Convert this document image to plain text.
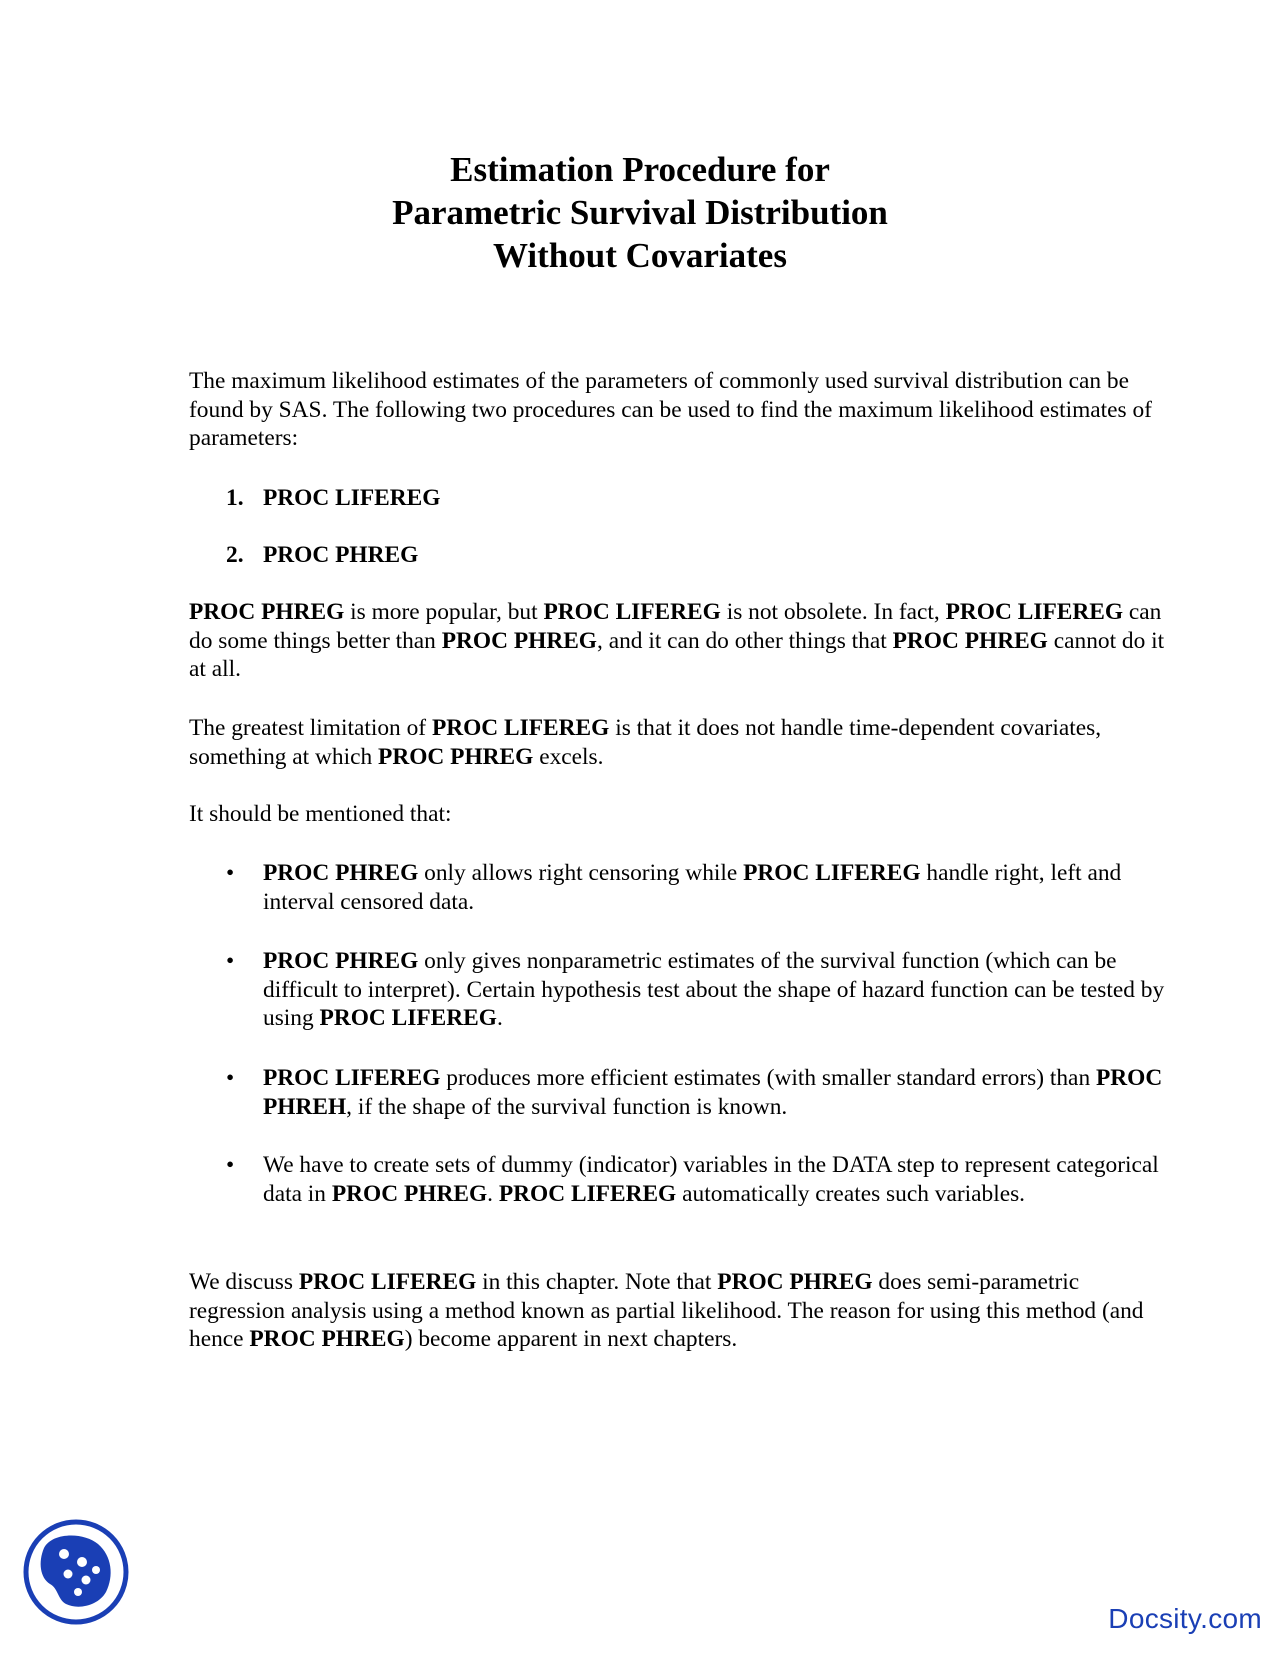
Estimation Procedure for
Parametric Survival Distribution
Without Covariates
The maximum likelihood estimates of the parameters of commonly used survival distribution can be found by SAS. The following two procedures can be used to find the maximum likelihood estimates of parameters:
1. PROC LIFEREG
2. PROC PHREG
PROC PHREG is more popular, but PROC LIFEREG is not obsolete. In fact, PROC LIFEREG can do some things better than PROC PHREG, and it can do other things that PROC PHREG cannot do it at all.
The greatest limitation of PROC LIFEREG is that it does not handle time-dependent covariates, something at which PROC PHREG excels.
It should be mentioned that:
•	PROC PHREG only allows right censoring while PROC LIFEREG handle right, left and interval censored data.
•	PROC PHREG only gives nonparametric estimates of the survival function (which can be difficult to interpret). Certain hypothesis test about the shape of hazard function can be tested by using PROC LIFEREG.
•	PROC LIFEREG produces more efficient estimates (with smaller standard errors) than PROC PHREH, if the shape of the survival function is known.
•	We have to create sets of dummy (indicator) variables in the DATA step to represent categorical data in PROC PHREG. PROC LIFEREG automatically creates such variables.
We discuss PROC LIFEREG in this chapter. Note that PROC PHREG does semi-parametric regression analysis using a method known as partial likelihood. The reason for using this method (and hence PROC PHREG) become apparent in next chapters.
Docsity.com
